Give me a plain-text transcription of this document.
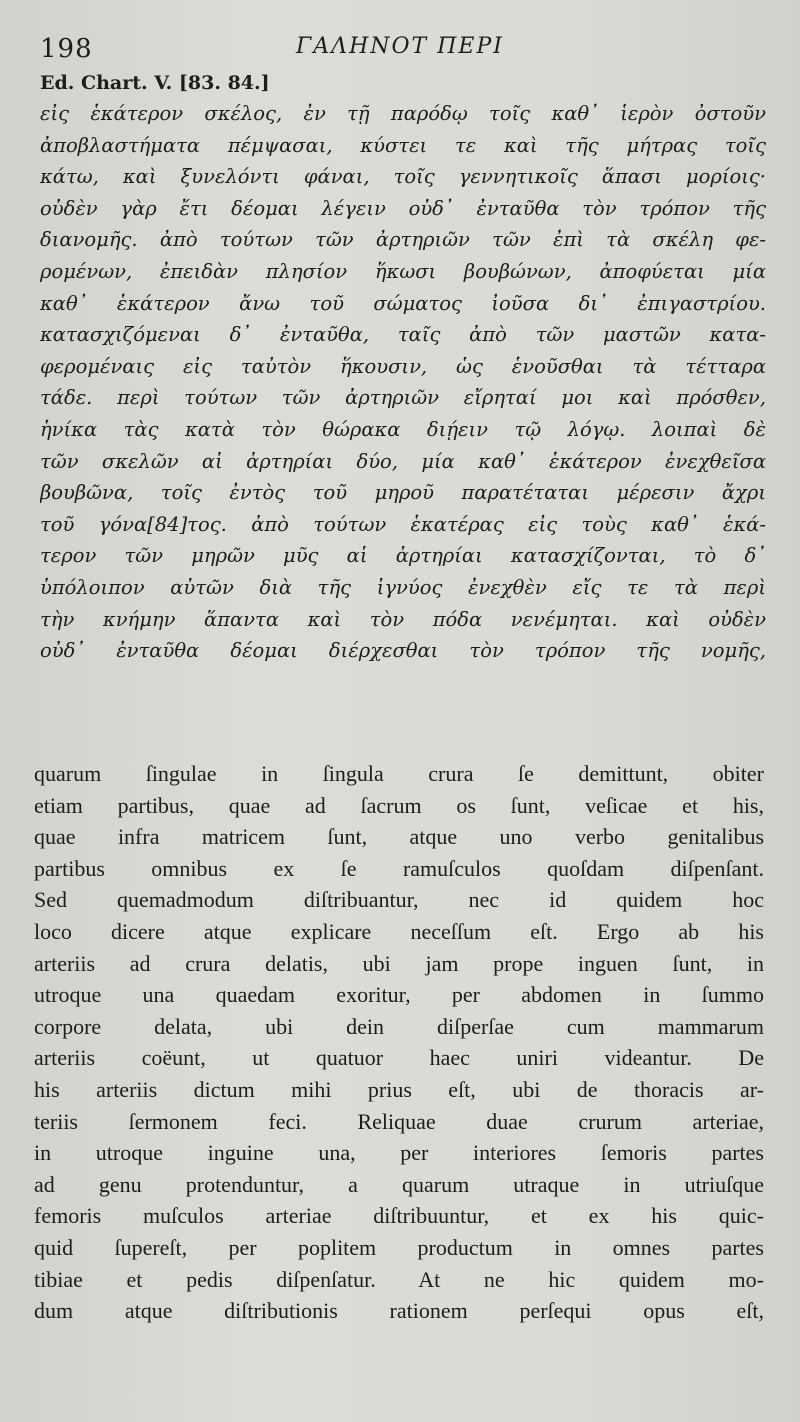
198	ΓΑΛΗΝΟΤ ΠΕΡΙ
Ed. Chart. V. [83. 84.]
εἰς ἑκάτερον σκέλος, ἐν τῇ παρόδῳ τοῖς καθ᾽ ἱερὸν ὀστοῦν
ἀποβλαστήματα πέμψασαι, κύστει τε καὶ τῆς μήτρας τοῖς
κάτω, καὶ ξυνελόντι φάναι, τοῖς γεννητικοῖς ἅπασι μορίοις·
οὐδὲν γὰρ ἔτι δέομαι λέγειν οὐδ᾽ ἐνταῦθα τὸν τρόπον τῆς
διανομῆς. ἀπὸ τούτων τῶν ἀρτηριῶν τῶν ἐπὶ τὰ σκέλη φε-
ρομένων, ἐπειδὰν πλησίον ἥκωσι βουβώνων, ἀποφύεται μία
καθ᾽ ἑκάτερον ἄνω τοῦ σώματος ἰοῦσα δι᾽ ἐπιγαστρίου.
κατασχιζόμεναι δ᾽ ἐνταῦθα, ταῖς ἀπὸ τῶν μαστῶν κατα-
φερομέναις εἰς ταὐτὸν ἥκουσιν, ὡς ἑνοῦσθαι τὰ τέτταρα
τάδε. περὶ τούτων τῶν ἀρτηριῶν εἴρηταί μοι καὶ πρόσθεν,
ἡνίκα τὰς κατὰ τὸν θώρακα διῄειν τῷ λόγῳ. λοιπαὶ δὲ
τῶν σκελῶν αἱ ἀρτηρίαι δύο, μία καθ᾽ ἑκάτερον ἐνεχθεῖσα
βουβῶνα, τοῖς ἐντὸς τοῦ μηροῦ παρατέταται μέρεσιν ἄχρι
τοῦ γόνα[84]τος. ἀπὸ τούτων ἑκατέρας εἰς τοὺς καθ᾽ ἑκά-
τερον τῶν μηρῶν μῦς αἱ ἀρτηρίαι κατασχίζονται, τὸ δ᾽
ὑπόλοιπον αὐτῶν διὰ τῆς ἰγνύος ἐνεχθὲν εἴς τε τὰ περὶ
τὴν κνήμην ἅπαντα καὶ τὸν πόδα νενέμηται. καὶ οὐδὲν
οὐδ᾽ ἐνταῦθα δέομαι διέρχεσθαι τὸν τρόπον τῆς νομῆς,
quarum ſingulae in ſingula crura ſe demittunt, obiter
etiam partibus, quae ad ſacrum os ſunt, veſicae et his,
quae infra matricem ſunt, atque uno verbo genitalibus
partibus omnibus ex ſe ramuſculos quoſdam diſpenſant.
Sed quemadmodum diſtribuantur, nec id quidem hoc
loco dicere atque explicare neceſſum eſt. Ergo ab his
arteriis ad crura delatis, ubi jam prope inguen ſunt, in
utroque una quaedam exoritur, per abdomen in ſummo
corpore delata, ubi dein diſperſae cum mammarum
arteriis coëunt, ut quatuor haec uniri videantur. De
his arteriis dictum mihi prius eſt, ubi de thoracis ar-
teriis ſermonem feci. Reliquae duae crurum arteriae,
in utroque inguine una, per interiores ſemoris partes
ad genu protenduntur, a quarum utraque in utriuſque
femoris muſculos arteriae diſtribuuntur, et ex his quic-
quid ſupereſt, per poplitem productum in omnes partes
tibiae et pedis diſpenſatur. At ne hic quidem mo-
dum atque diſtributionis rationem perſequi opus eſt,
